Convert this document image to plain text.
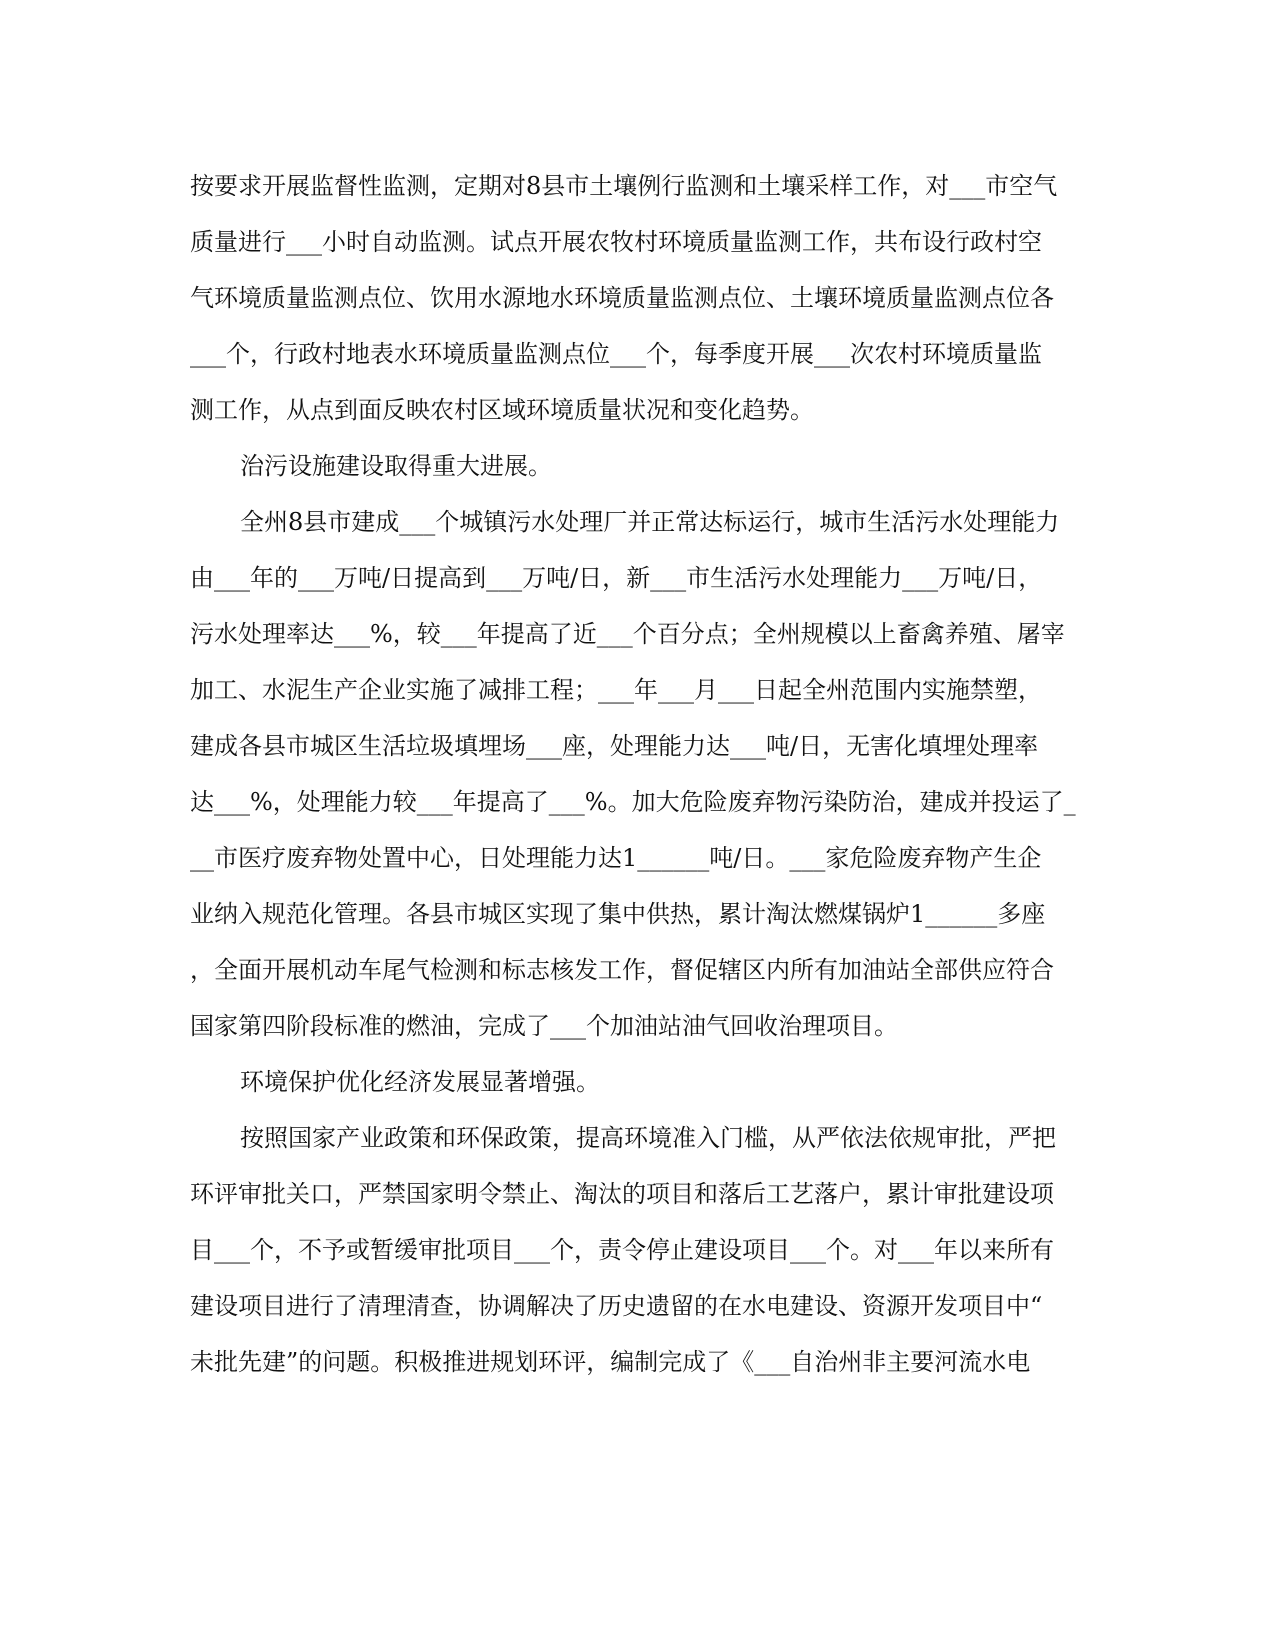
按要求开展监督性监测，定期对8县市土壤例行监测和土壤采样工作，对___市空气
质量进行___小时自动监测。试点开展农牧村环境质量监测工作，共布设行政村空
气环境质量监测点位、饮用水源地水环境质量监测点位、土壤环境质量监测点位各
___个，行政村地表水环境质量监测点位___个，每季度开展___次农村环境质量监
测工作，从点到面反映农村区域环境质量状况和变化趋势。
治污设施建设取得重大进展。
全州8县市建成___个城镇污水处理厂并正常达标运行，城市生活污水处理能力
由___年的___万吨/日提高到___万吨/日，新___市生活污水处理能力___万吨/日，
污水处理率达___%，较___年提高了近___个百分点；全州规模以上畜禽养殖、屠宰
加工、水泥生产企业实施了减排工程；___年___月___日起全州范围内实施禁塑，
建成各县市城区生活垃圾填埋场___座，处理能力达___吨/日，无害化填埋处理率
达___%，处理能力较___年提高了___%。加大危险废弃物污染防治，建成并投运了_
__市医疗废弃物处置中心，日处理能力达1______吨/日。___家危险废弃物产生企
业纳入规范化管理。各县市城区实现了集中供热，累计淘汰燃煤锅炉1______多座
，全面开展机动车尾气检测和标志核发工作，督促辖区内所有加油站全部供应符合
国家第四阶段标准的燃油，完成了___个加油站油气回收治理项目。
环境保护优化经济发展显著增强。
按照国家产业政策和环保政策，提高环境准入门槛，从严依法依规审批，严把
环评审批关口，严禁国家明令禁止、淘汰的项目和落后工艺落户，累计审批建设项
目___个，不予或暂缓审批项目___个，责令停止建设项目___个。对___年以来所有
建设项目进行了清理清查，协调解决了历史遗留的在水电建设、资源开发项目中“
未批先建”的问题。积极推进规划环评，编制完成了《___自治州非主要河流水电
